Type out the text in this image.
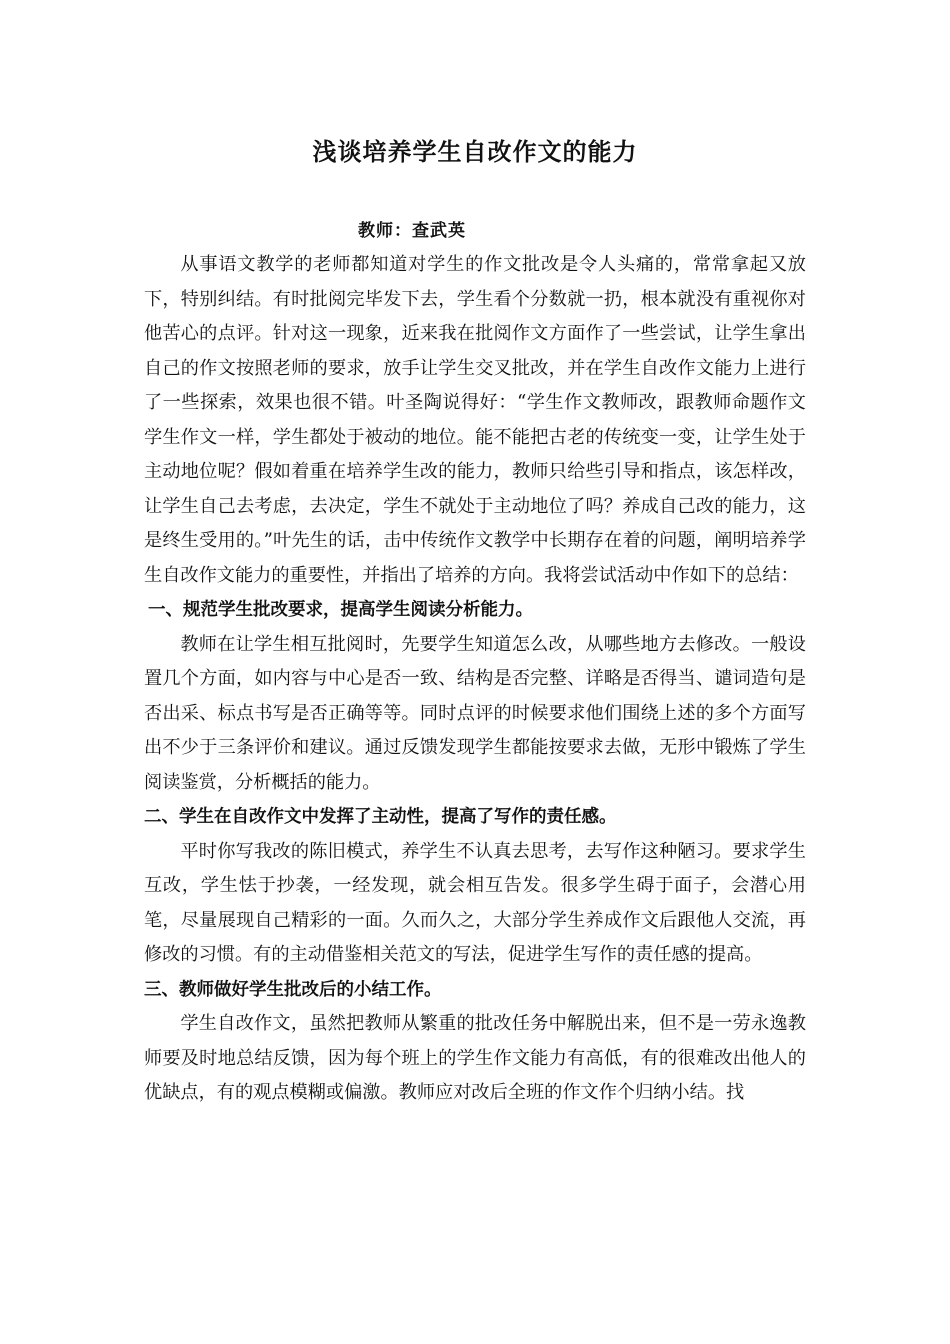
浅谈培养学生自改作文的能力
教师：查武英

从事语文教学的老师都知道对学生的作文批改是令人头痛的，常常拿起又放下，特别纠结。有时批阅完毕发下去，学生看个分数就一扔，根本就没有重视你对他苦心的点评。针对这一现象，近来我在批阅作文方面作了一些尝试，让学生拿出自己的作文按照老师的要求，放手让学生交叉批改，并在学生自改作文能力上进行了一些探索，效果也很不错。叶圣陶说得好：“学生作文教师改，跟教师命题作文学生作文一样，学生都处于被动的地位。能不能把古老的传统变一变，让学生处于主动地位呢？假如着重在培养学生改的能力，教师只给些引导和指点，该怎样改，让学生自己去考虑，去决定，学生不就处于主动地位了吗？养成自己改的能力，这是终生受用的。”叶先生的话，击中传统作文教学中长期存在着的问题，阐明培养学生自改作文能力的重要性，并指出了培养的方向。我将尝试活动中作如下的总结：

一、规范学生批改要求，提高学生阅读分析能力。

教师在让学生相互批阅时，先要学生知道怎么改，从哪些地方去修改。一般设置几个方面，如内容与中心是否一致、结构是否完整、详略是否得当、谴词造句是否出采、标点书写是否正确等等。同时点评的时候要求他们围绕上述的多个方面写出不少于三条评价和建议。通过反馈发现学生都能按要求去做，无形中锻炼了学生阅读鉴赏，分析概括的能力。

二、学生在自改作文中发挥了主动性，提高了写作的责任感。

平时你写我改的陈旧模式，养学生不认真去思考，去写作这种陋习。要求学生互改，学生怯于抄袭，一经发现，就会相互告发。很多学生碍于面子，会潜心用笔，尽量展现自己精彩的一面。久而久之，大部分学生养成作文后跟他人交流，再修改的习惯。有的主动借鉴相关范文的写法，促进学生写作的责任感的提高。

三、教师做好学生批改后的小结工作。

学生自改作文，虽然把教师从繁重的批改任务中解脱出来，但不是一劳永逸教师要及时地总结反馈，因为每个班上的学生作文能力有高低，有的很难改出他人的优缺点，有的观点模糊或偏激。教师应对改后全班的作文作个归纳小结。找
